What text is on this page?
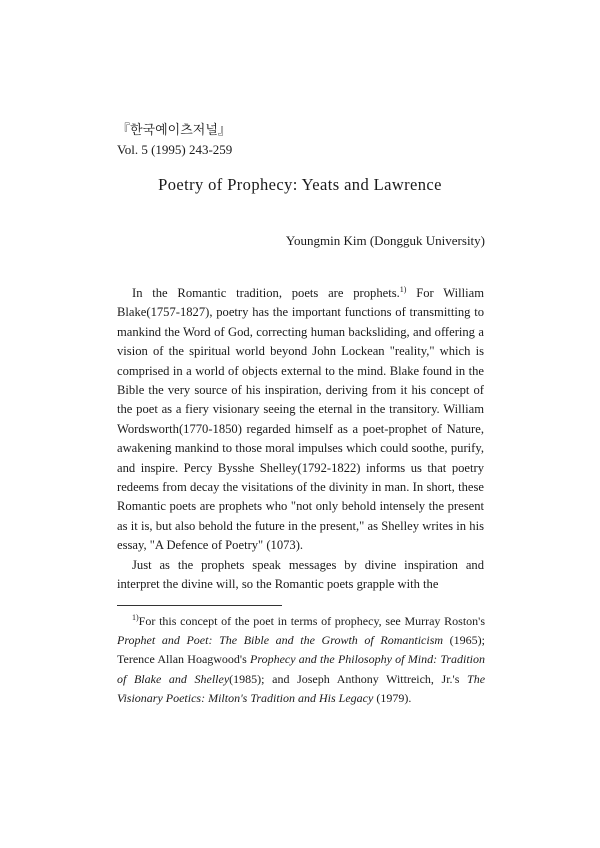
『한국예이츠저널』
Vol. 5 (1995) 243-259
Poetry of Prophecy: Yeats and Lawrence
Youngmin Kim (Dongguk University)

In the Romantic tradition, poets are prophets.$^{1)}$ For William Blake(1757-1827), poetry has the important functions of transmitting to mankind the Word of God, correcting human backsliding, and offering a vision of the spiritual world beyond John Lockean "reality," which is comprised in a world of objects external to the mind. Blake found in the Bible the very source of his inspiration, deriving from it his concept of the poet as a fiery visionary seeing the eternal in the transitory. William Wordsworth(1770-1850) regarded himself as a poet-prophet of Nature, awakening mankind to those moral impulses which could soothe, purify, and inspire. Percy Bysshe Shelley(1792-1822) informs us that poetry redeems from decay the visitations of the divinity in man. In short, these Romantic poets are prophets who "not only behold intensely the present as it is, but also behold the future in the present," as Shelley writes in his essay, "A Defence of Poetry" (1073).

Just as the prophets speak messages by divine inspiration and interpret the divine will, so the Romantic poets grapple with the

$^{1)}$For this concept of the poet in terms of prophecy, see Murray Roston's Prophet and Poet: The Bible and the Growth of Romanticism (1965); Terence Allan Hoagwood's Prophecy and the Philosophy of Mind: Tradition of Blake and Shelley(1985); and Joseph Anthony Wittreich, Jr.'s The Visionary Poetics: Milton's Tradition and His Legacy (1979).
